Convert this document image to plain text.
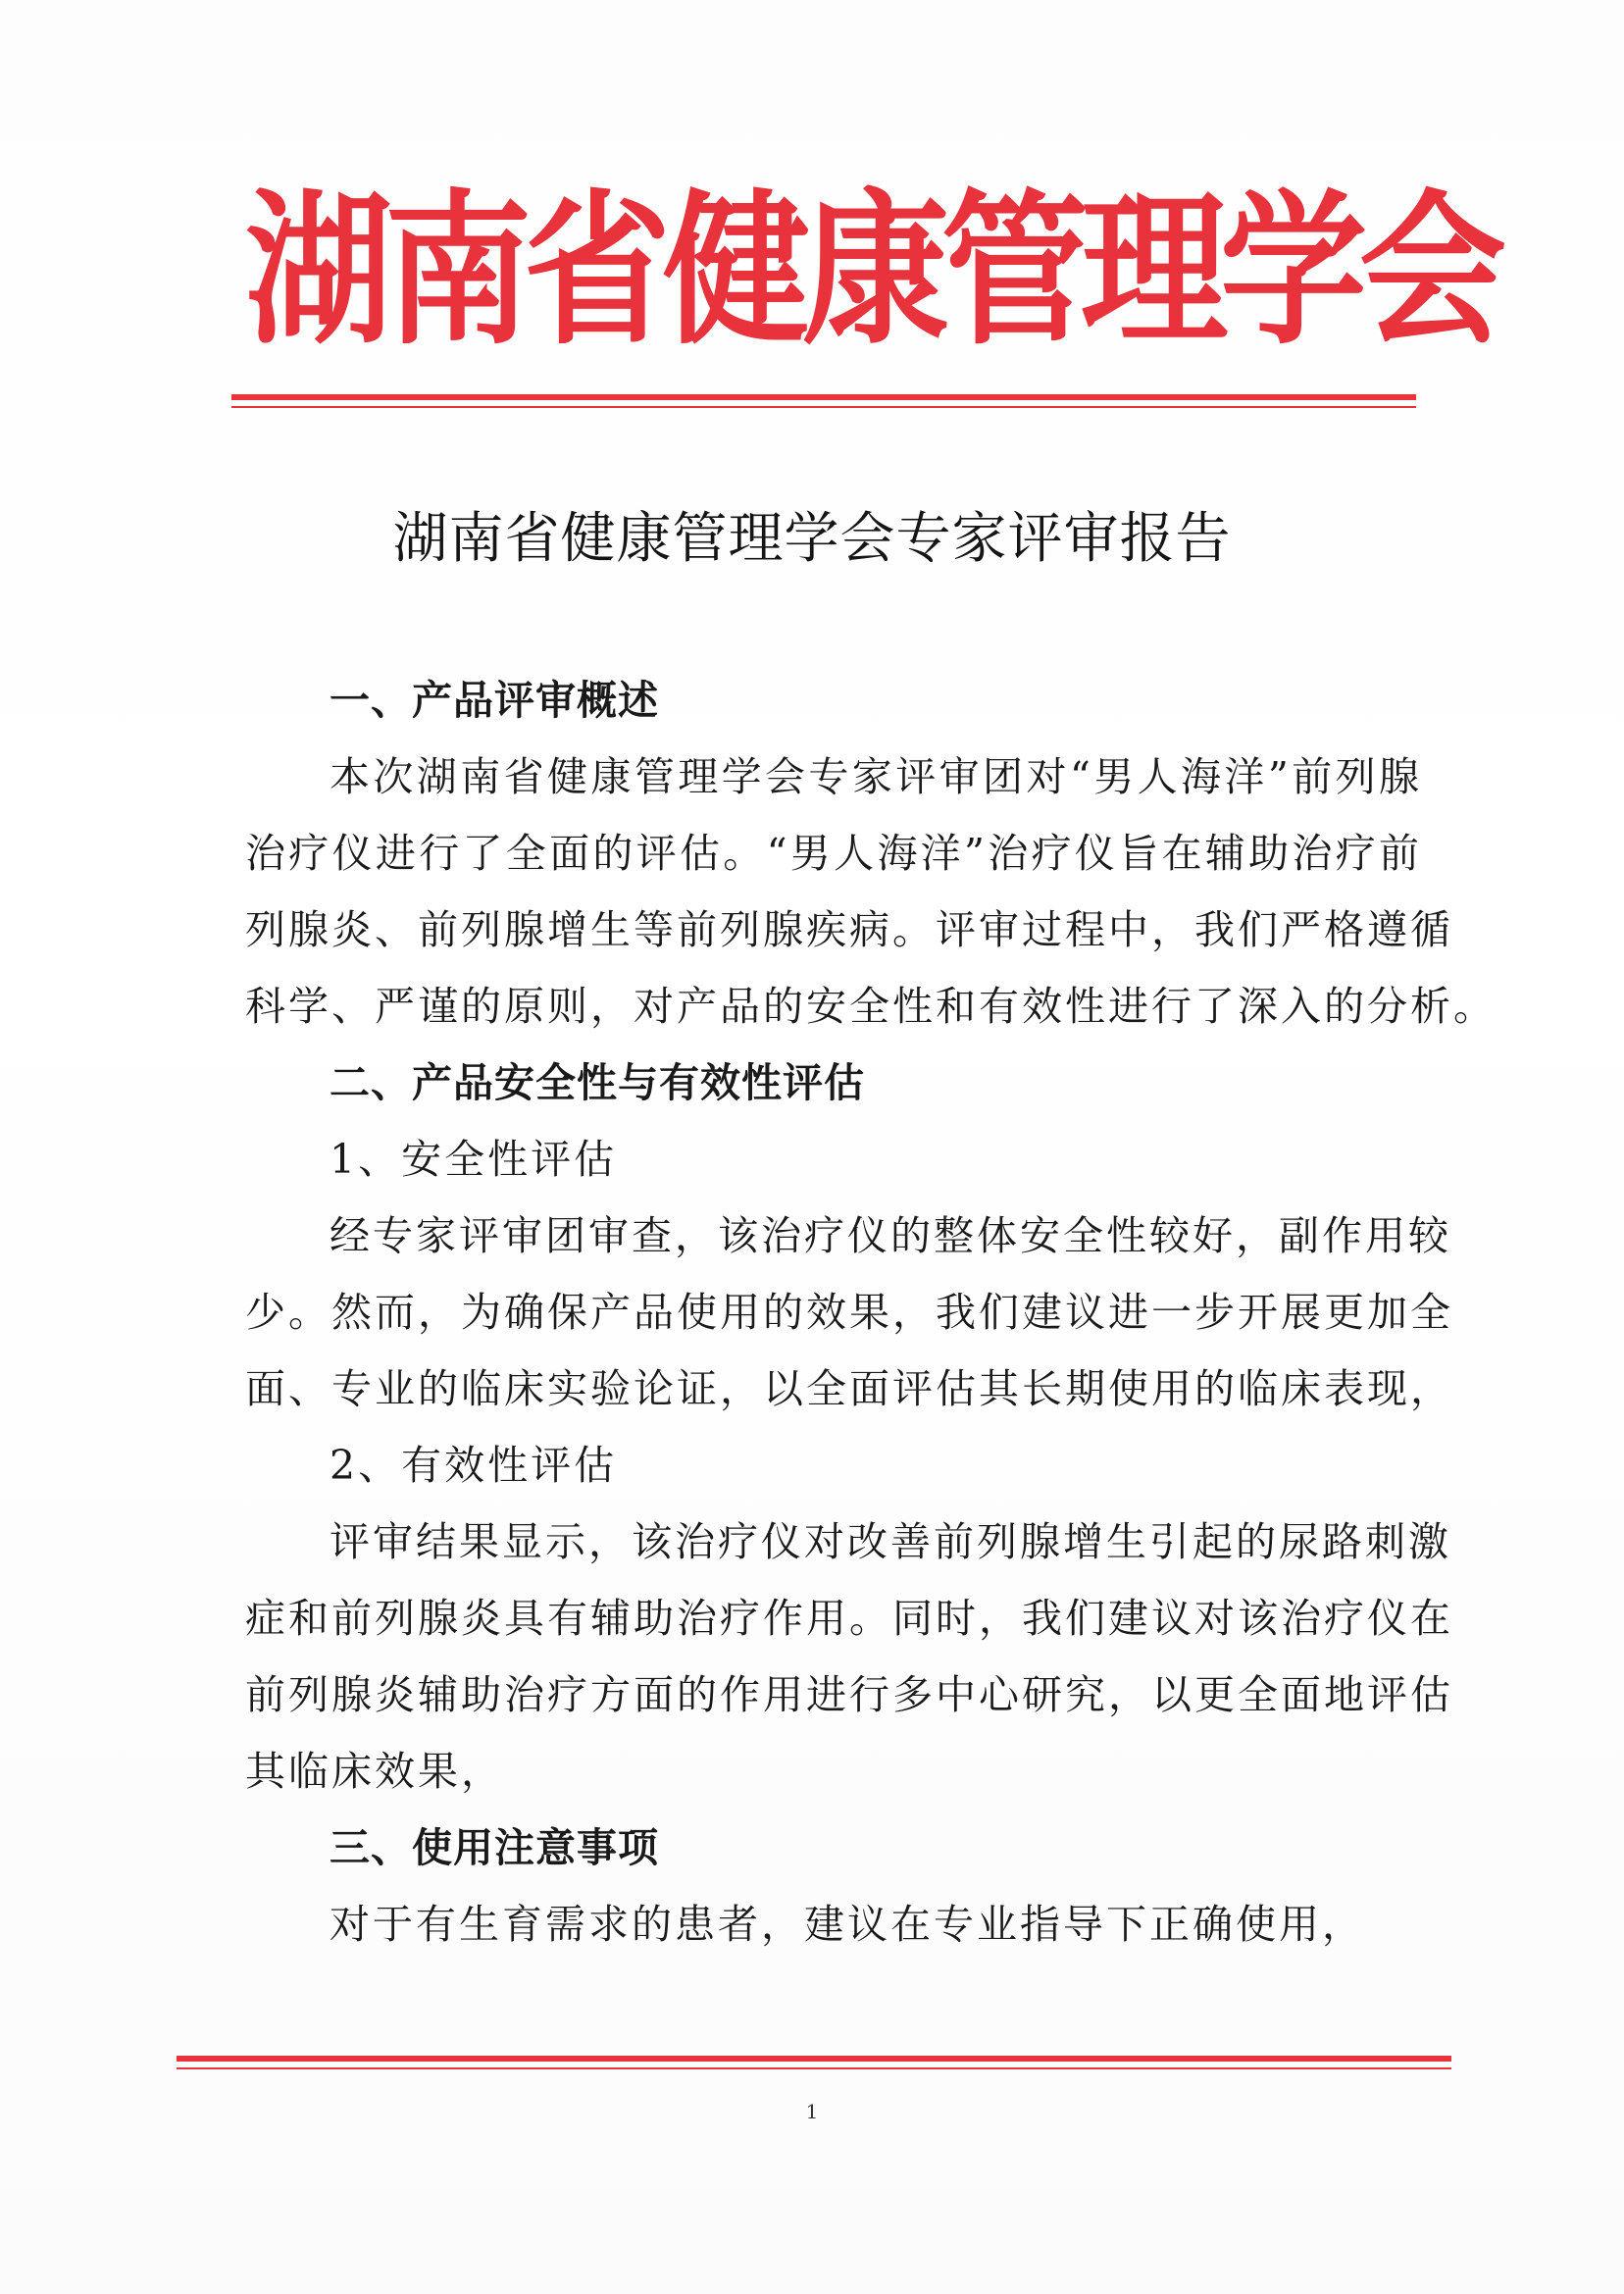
湖南省健康管理学会
湖南省健康管理学会专家评审报告
一、产品评审概述
本次湖南省健康管理学会专家评审团对“男人海洋”前列腺
治疗仪进行了全面的评估。“男人海洋”治疗仪旨在辅助治疗前
列腺炎、前列腺增生等前列腺疾病。评审过程中，我们严格遵循
科学、严谨的原则，对产品的安全性和有效性进行了深入的分析。
二、产品安全性与有效性评估
1、安全性评估
经专家评审团审查，该治疗仪的整体安全性较好，副作用较
少。然而，为确保产品使用的效果，我们建议进一步开展更加全
面、专业的临床实验论证，以全面评估其长期使用的临床表现，
2、有效性评估
评审结果显示，该治疗仪对改善前列腺增生引起的尿路刺激
症和前列腺炎具有辅助治疗作用。同时，我们建议对该治疗仪在
前列腺炎辅助治疗方面的作用进行多中心研究，以更全面地评估
其临床效果，
三、使用注意事项
对于有生育需求的患者，建议在专业指导下正确使用，
1
